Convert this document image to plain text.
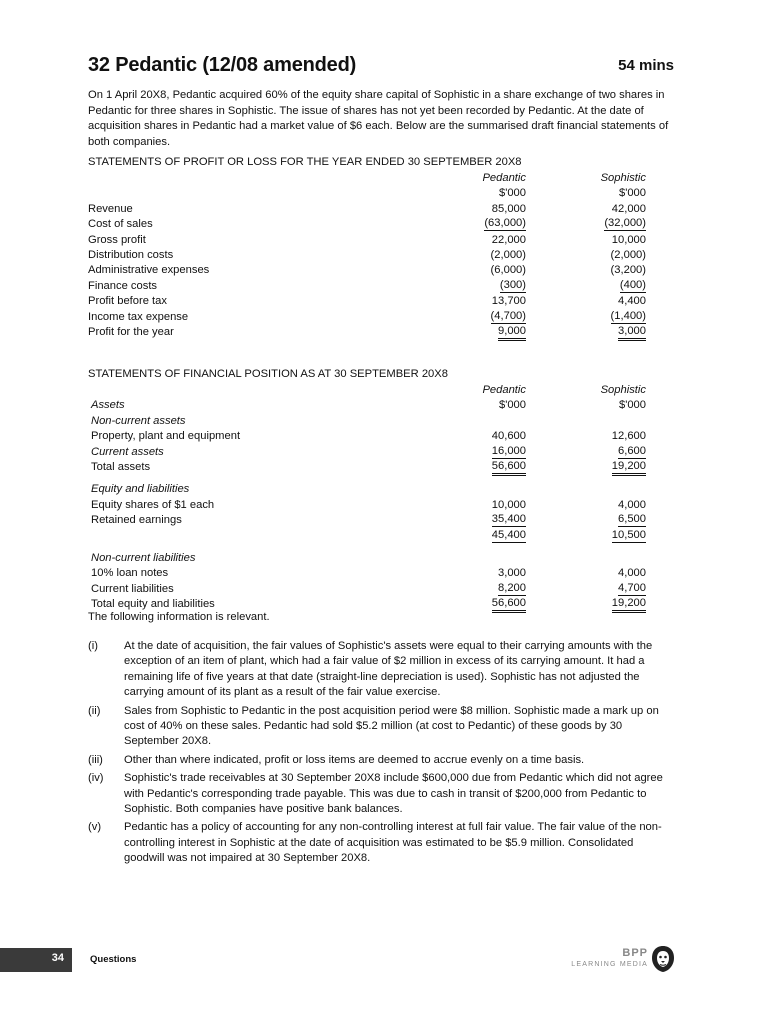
32 Pedantic (12/08 amended)	54 mins
On 1 April 20X8, Pedantic acquired 60% of the equity share capital of Sophistic in a share exchange of two shares in Pedantic for three shares in Sophistic. The issue of shares has not yet been recorded by Pedantic. At the date of acquisition shares in Pedantic had a market value of $6 each. Below are the summarised draft financial statements of both companies.
STATEMENTS OF PROFIT OR LOSS FOR THE YEAR ENDED 30 SEPTEMBER 20X8
Pedantic	Sophistic
$'000	$'000
Revenue	85,000	42,000
Cost of sales	(63,000)	(32,000)
Gross profit	22,000	10,000
Distribution costs	(2,000)	(2,000)
Administrative expenses	(6,000)	(3,200)
Finance costs	(300)	(400)
Profit before tax	13,700	4,400
Income tax expense	(4,700)	(1,400)
Profit for the year	9,000	3,000
STATEMENTS OF FINANCIAL POSITION AS AT 30 SEPTEMBER 20X8
Pedantic	Sophistic
Assets	$'000	$'000
Non-current assets
Property, plant and equipment	40,600	12,600
Current assets	16,000	6,600
Total assets	56,600	19,200
Equity and liabilities
Equity shares of $1 each	10,000	4,000
Retained earnings	35,400	6,500
45,400	10,500
Non-current liabilities
10% loan notes	3,000	4,000
Current liabilities	8,200	4,700
Total equity and liabilities	56,600	19,200
The following information is relevant.
(i) At the date of acquisition, the fair values of Sophistic's assets were equal to their carrying amounts with the exception of an item of plant, which had a fair value of $2 million in excess of its carrying amount. It had a remaining life of five years at that date (straight-line depreciation is used). Sophistic has not adjusted the carrying amount of its plant as a result of the fair value exercise.
(ii) Sales from Sophistic to Pedantic in the post acquisition period were $8 million. Sophistic made a mark up on cost of 40% on these sales. Pedantic had sold $5.2 million (at cost to Pedantic) of these goods by 30 September 20X8.
(iii) Other than where indicated, profit or loss items are deemed to accrue evenly on a time basis.
(iv) Sophistic's trade receivables at 30 September 20X8 include $600,000 due from Pedantic which did not agree with Pedantic's corresponding trade payable. This was due to cash in transit of $200,000 from Pedantic to Sophistic. Both companies have positive bank balances.
(v) Pedantic has a policy of accounting for any non-controlling interest at full fair value. The fair value of the non-controlling interest in Sophistic at the date of acquisition was estimated to be $5.9 million. Consolidated goodwill was not impaired at 30 September 20X8.
34	Questions
BPP
LEARNING MEDIA
